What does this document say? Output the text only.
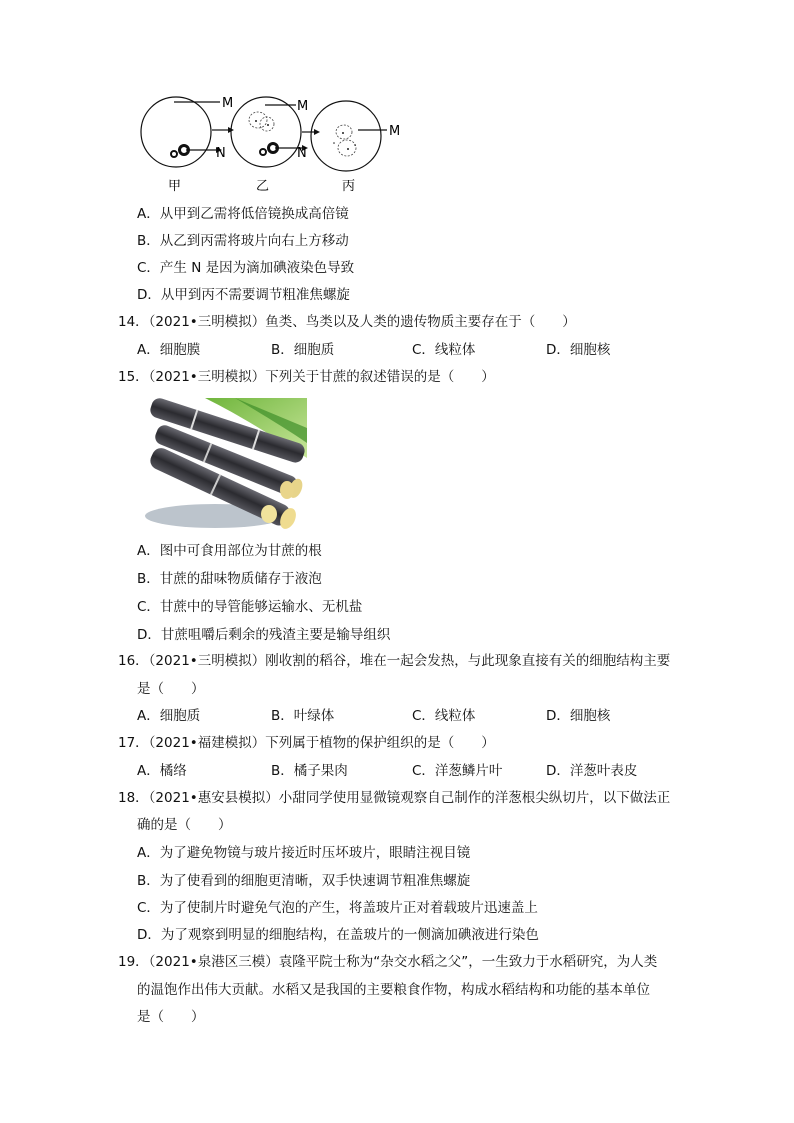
M	M
M
N	N
甲	乙	丙
A．从甲到乙需将低倍镜换成高倍镜
B．从乙到丙需将玻片向右上方移动
C．产生 N 是因为滴加碘液染色导致
D．从甲到丙不需要调节粗准焦螺旋
14．（2021•三明模拟）鱼类、鸟类以及人类的遗传物质主要存在于（　　）
A．细胞膜	B．细胞质	C．线粒体	D．细胞核
15．（2021•三明模拟）下列关于甘蔗的叙述错误的是（　　）
A．图中可食用部位为甘蔗的根
B．甘蔗的甜味物质储存于液泡
C．甘蔗中的导管能够运输水、无机盐
D．甘蔗咀嚼后剩余的残渣主要是输导组织
16．（2021•三明模拟）刚收割的稻谷，堆在一起会发热，与此现象直接有关的细胞结构主要
是（　　）
A．细胞质	B．叶绿体	C．线粒体	D．细胞核
17．（2021•福建模拟）下列属于植物的保护组织的是（　　）
A．橘络	B．橘子果肉	C．洋葱鳞片叶	D．洋葱叶表皮
18．（2021•惠安县模拟）小甜同学使用显微镜观察自己制作的洋葱根尖纵切片，以下做法正
确的是（　　）
A．为了避免物镜与玻片接近时压坏玻片，眼睛注视目镜
B．为了使看到的细胞更清晰，双手快速调节粗准焦螺旋
C．为了使制片时避免气泡的产生，将盖玻片正对着载玻片迅速盖上
D．为了观察到明显的细胞结构，在盖玻片的一侧滴加碘液进行染色
19．（2021•泉港区三模）袁隆平院士称为“杂交水稻之父”，一生致力于水稻研究，为人类
的温饱作出伟大贡献。水稻又是我国的主要粮食作物，构成水稻结构和功能的基本单位
是（　　）
